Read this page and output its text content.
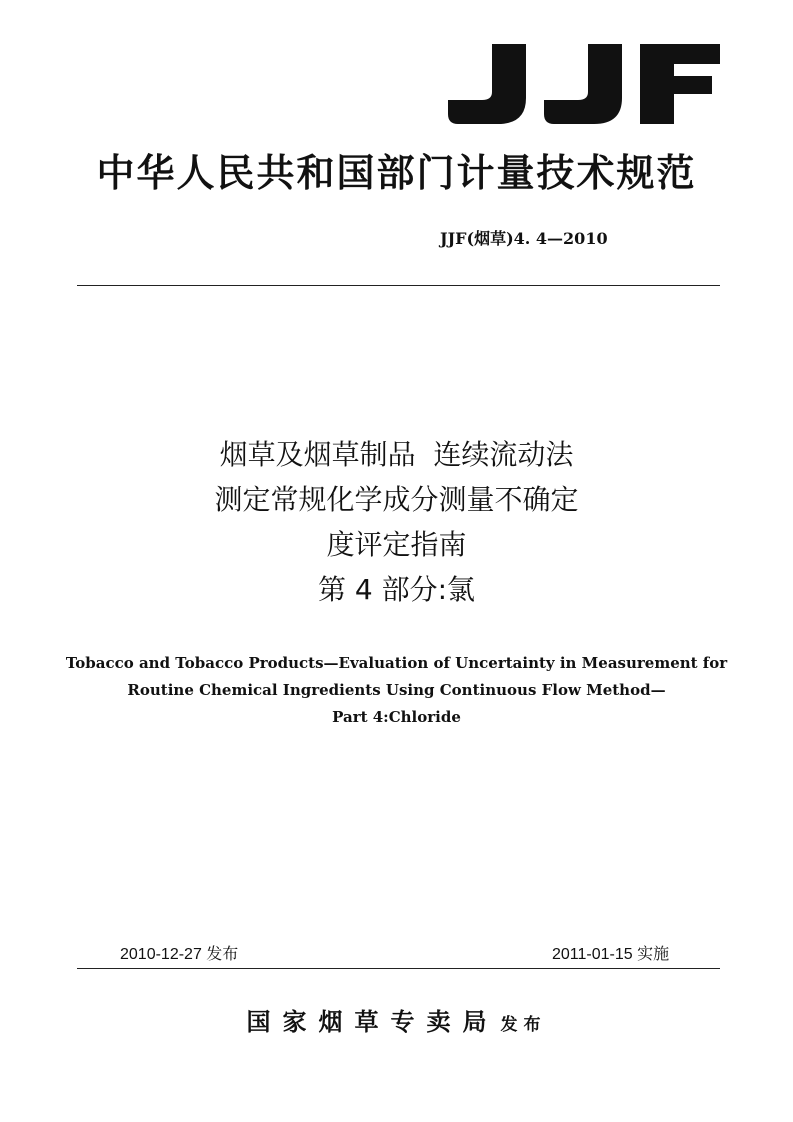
中华人民共和国部门计量技术规范
JJF(烟草)4. 4—2010
烟草及烟草制品  连续流动法
测定常规化学成分测量不确定
度评定指南
第 4 部分:氯
Tobacco and Tobacco Products—Evaluation of Uncertainty in Measurement for
Routine Chemical Ingredients Using Continuous Flow Method—
Part 4:Chloride
2010-12-27 发布	2011-01-15 实施
国家烟草专卖局 发布
